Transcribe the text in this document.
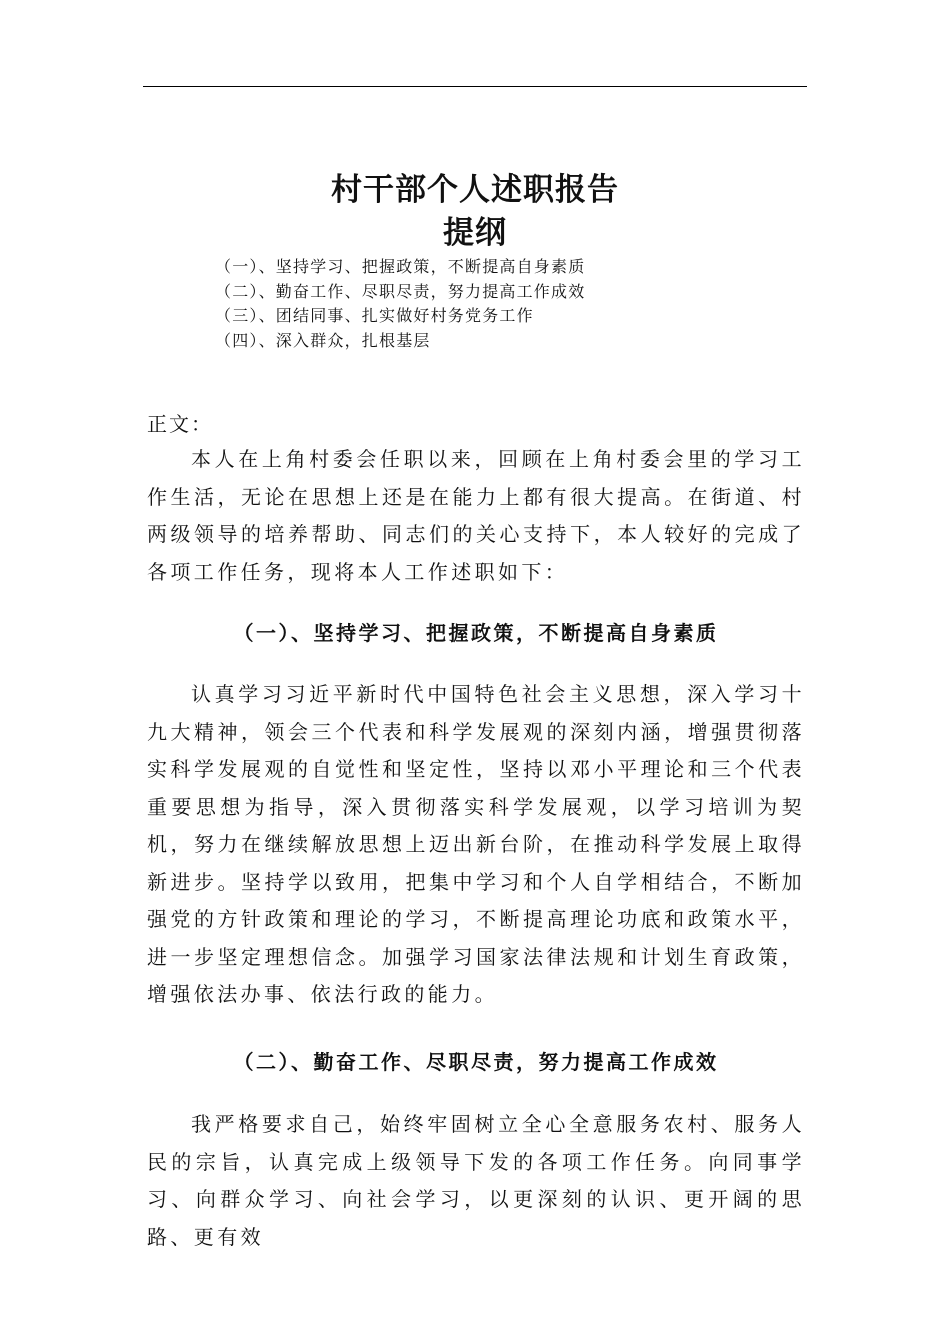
村干部个人述职报告
提纲
（一）、坚持学习、把握政策，不断提高自身素质
（二）、勤奋工作、尽职尽责，努力提高工作成效
（三）、团结同事、扎实做好村务党务工作
（四）、深入群众，扎根基层

正文：

本人在上角村委会任职以来，回顾在上角村委会里的学习工作生活，无论在思想上还是在能力上都有很大提高。在街道、村两级领导的培养帮助、同志们的关心支持下，本人较好的完成了各项工作任务，现将本人工作述职如下：

（一）、坚持学习、把握政策，不断提高自身素质

认真学习习近平新时代中国特色社会主义思想，深入学习十九大精神，领会三个代表和科学发展观的深刻内涵，增强贯彻落实科学发展观的自觉性和坚定性，坚持以邓小平理论和三个代表重要思想为指导，深入贯彻落实科学发展观，以学习培训为契机，努力在继续解放思想上迈出新台阶，在推动科学发展上取得新进步。坚持学以致用，把集中学习和个人自学相结合，不断加强党的方针政策和理论的学习，不断提高理论功底和政策水平，进一步坚定理想信念。加强学习国家法律法规和计划生育政策，增强依法办事、依法行政的能力。

（二）、勤奋工作、尽职尽责，努力提高工作成效

我严格要求自己，始终牢固树立全心全意服务农村、服务人民的宗旨，认真完成上级领导下发的各项工作任务。向同事学习、向群众学习、向社会学习，以更深刻的认识、更开阔的思路、更有效
